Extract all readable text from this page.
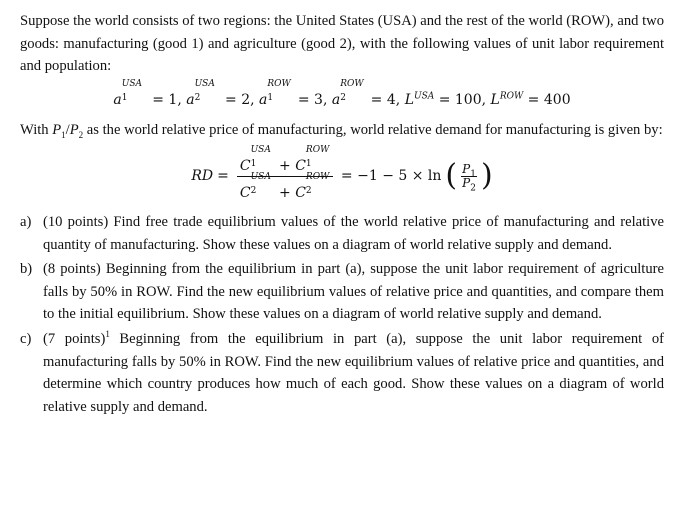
Suppose the world consists of two regions: the United States (USA) and the rest of the world (ROW), and two goods: manufacturing (good 1) and agriculture (good 2), with the following values of unit labor requirement and population:

a
USA
1 = 1, a
USA
2 = 2, a
ROW
1 = 3, a
ROW
2 = 4, $L^{USA} = 100$, $L^{ROW} = 400$

With $P_1/P_2$ as the world relative price of manufacturing, world relative demand for manufacturing is given by:

RD = C
USA
1 + C
ROW
1
C
USA
2 + C
ROW
2 = −1 − 5 × ln ( $\frac{P_1}{P_2}$ )
a) (10 points) Find free trade equilibrium values of the world relative price of manufacturing and relative quantity of manufacturing. Show these values on a diagram of world relative supply and demand.
b) (8 points) Beginning from the equilibrium in part (a), suppose the unit labor requirement of agriculture falls by 50% in ROW. Find the new equilibrium values of relative price and quantities, and compare them to the initial equilibrium. Show these values on a diagram of world relative supply and demand.
c) (7 points)$^1$ Beginning from the equilibrium in part (a), suppose the unit labor requirement of manufacturing falls by 50% in ROW. Find the new equilibrium values of relative price and quantities, and determine which country produces how much of each good. Show these values on a diagram of world relative supply and demand.
